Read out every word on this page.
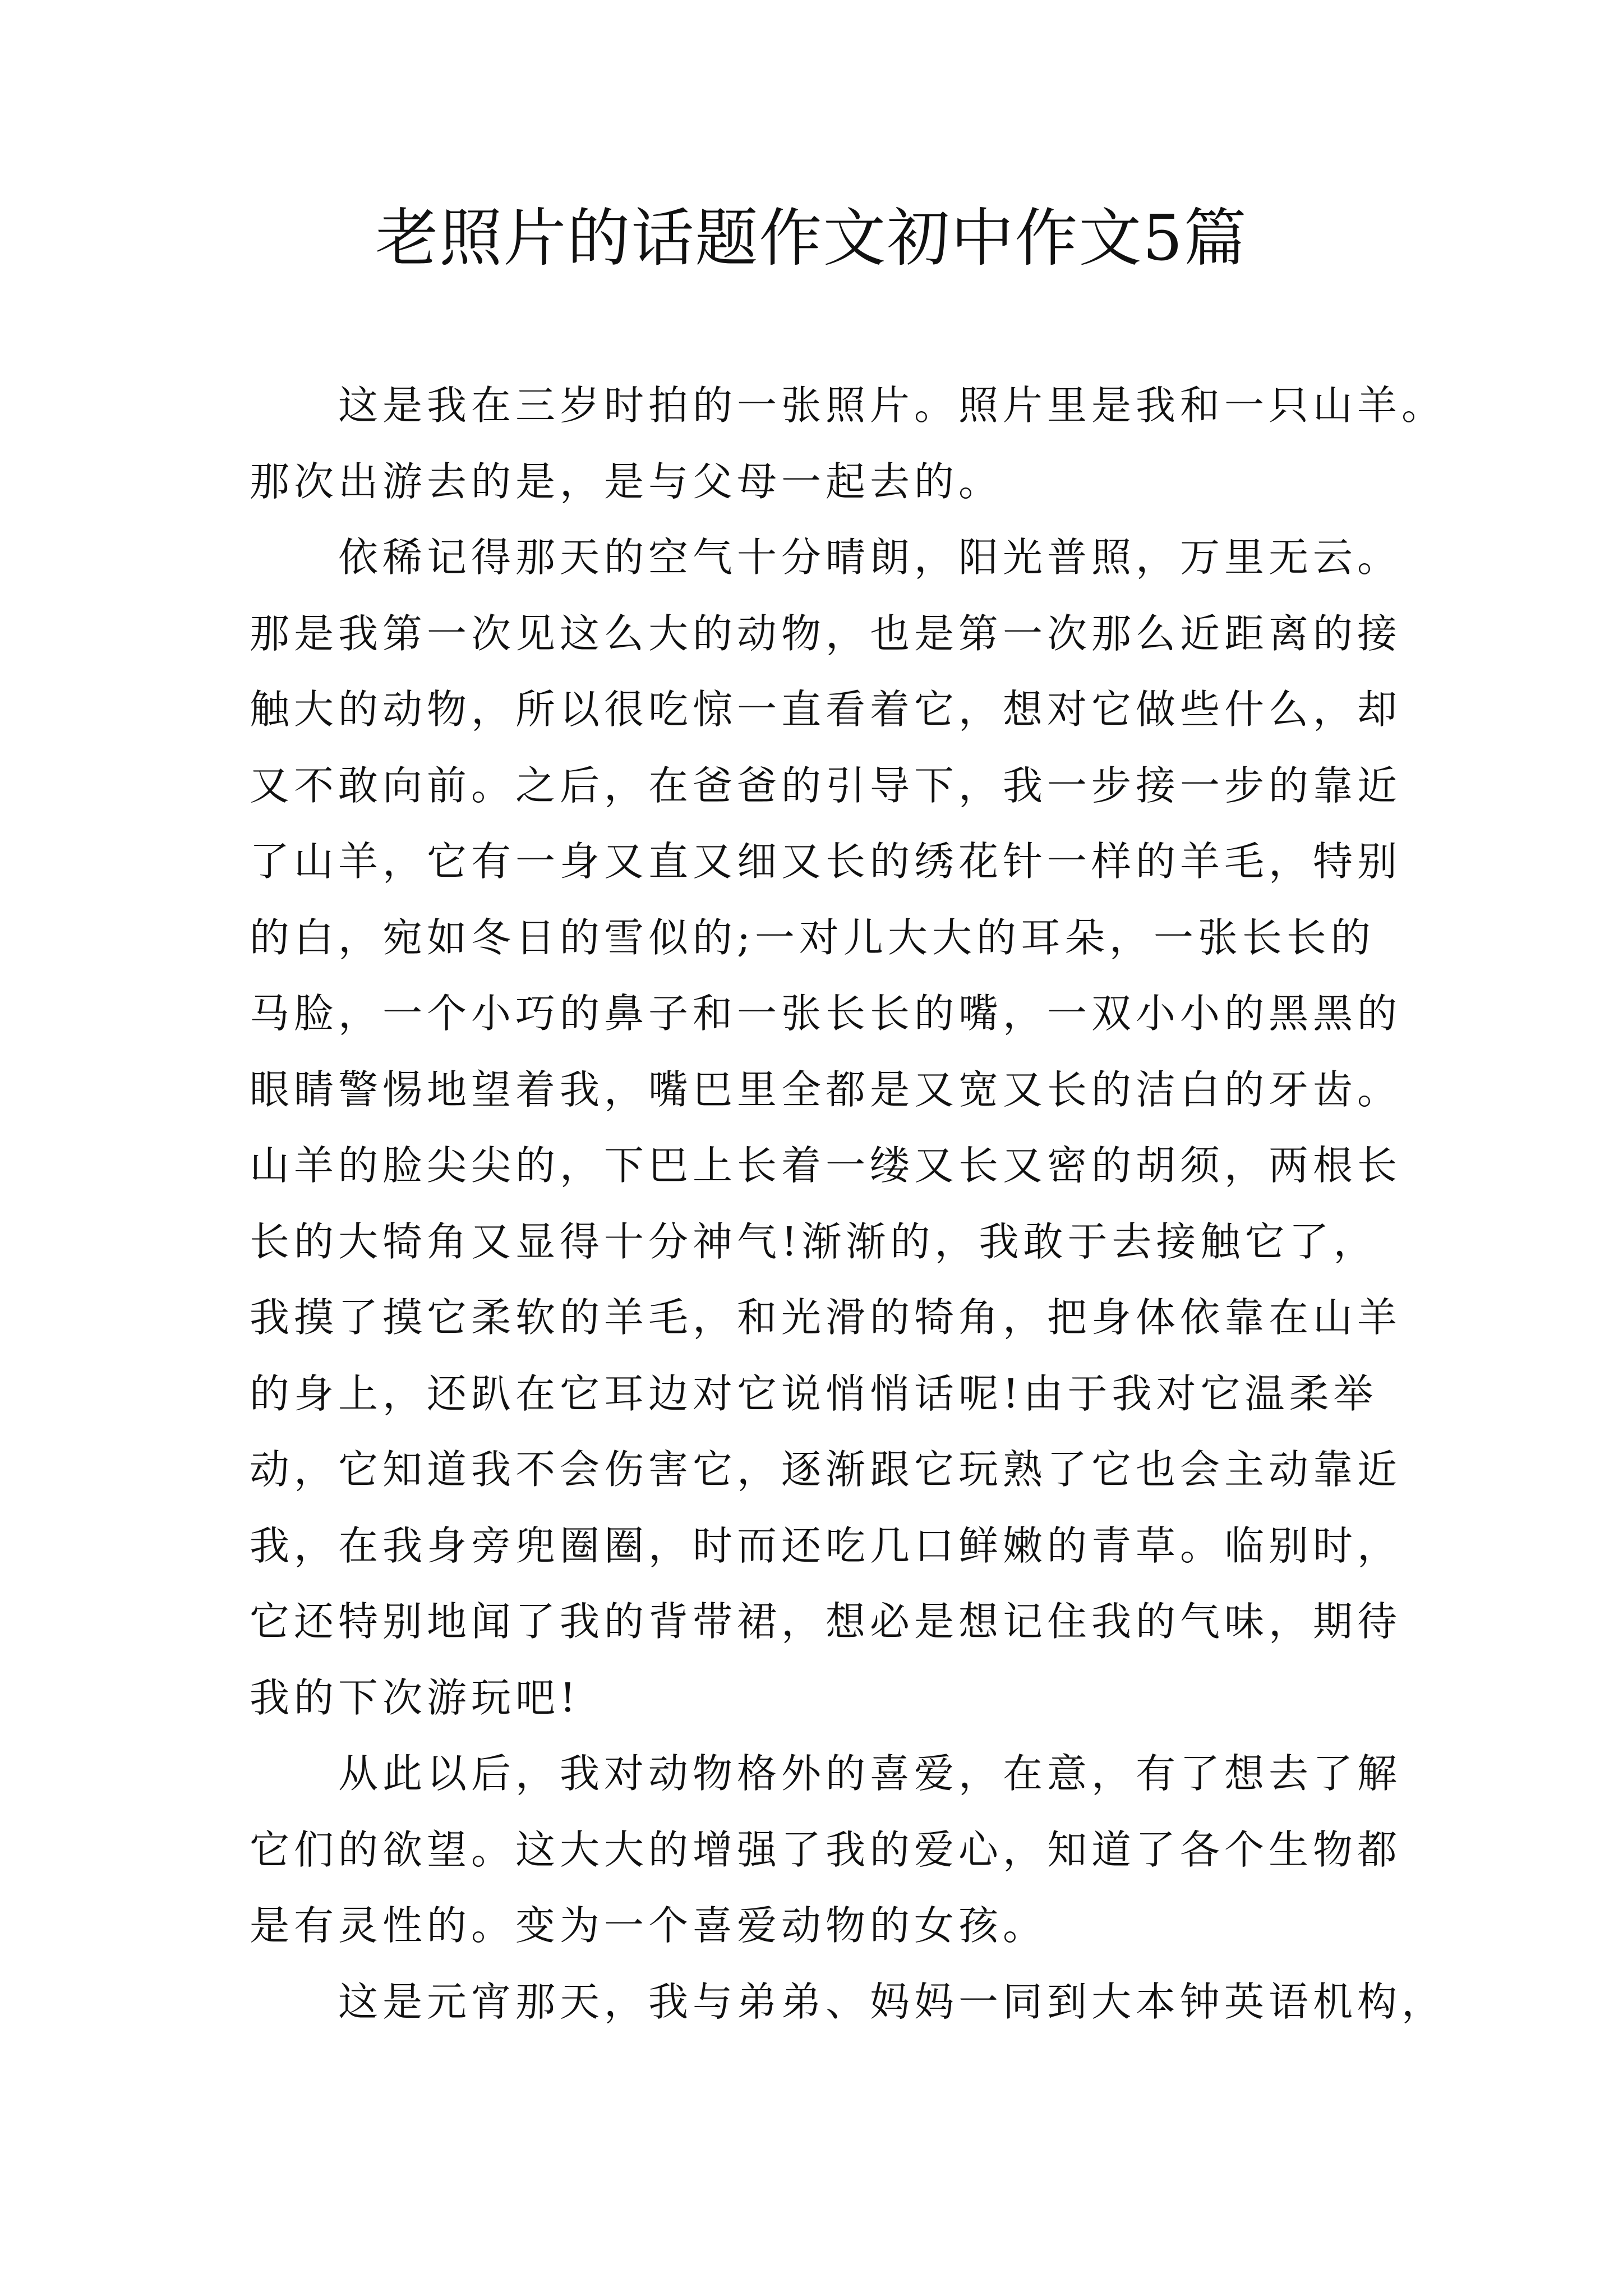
老照片的话题作文初中作文5篇
这是我在三岁时拍的一张照片。照片里是我和一只山羊。
那次出游去的是，是与父母一起去的。
依稀记得那天的空气十分晴朗，阳光普照，万里无云。
那是我第一次见这么大的动物，也是第一次那么近距离的接
触大的动物，所以很吃惊一直看着它，想对它做些什么，却
又不敢向前。之后，在爸爸的引导下，我一步接一步的靠近
了山羊，它有一身又直又细又长的绣花针一样的羊毛，特别
的白，宛如冬日的雪似的;一对儿大大的耳朵，一张长长的
马脸，一个小巧的鼻子和一张长长的嘴，一双小小的黑黑的
眼睛警惕地望着我，嘴巴里全都是又宽又长的洁白的牙齿。
山羊的脸尖尖的，下巴上长着一缕又长又密的胡须，两根长
长的大犄角又显得十分神气!渐渐的，我敢于去接触它了，
我摸了摸它柔软的羊毛，和光滑的犄角，把身体依靠在山羊
的身上，还趴在它耳边对它说悄悄话呢!由于我对它温柔举
动，它知道我不会伤害它，逐渐跟它玩熟了它也会主动靠近
我，在我身旁兜圈圈，时而还吃几口鲜嫩的青草。临别时，
它还特别地闻了我的背带裙，想必是想记住我的气味，期待
我的下次游玩吧!
从此以后，我对动物格外的喜爱，在意，有了想去了解
它们的欲望。这大大的增强了我的爱心，知道了各个生物都
是有灵性的。变为一个喜爱动物的女孩。
这是元宵那天，我与弟弟、妈妈一同到大本钟英语机构，
